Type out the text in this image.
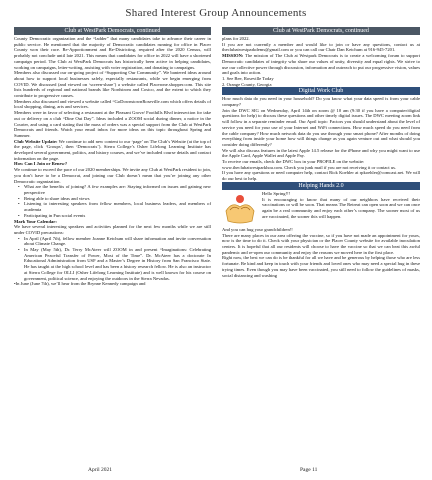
Shared Interest Group Announcements
Club at WestPark Democrats, continued

County Democratic organization and the “ladder” that many candidates take to advance their career in public service. He mentioned that the majority of Democratic candidates running for office in Placer County won their race. Re-Apportionment and Re-Districting, required after the 2020 Census, will probably not conclude until late 2021. This means that candidates for office in 2022 will have a shortened campaign period. The Club at WestPark Democrats has historically been active in helping candidates, working on campaigns, letter-writing, assisting with voter registration, and donating to campaigns.

Members also discussed our on-going project of “Supporting Our Community”. We bantered ideas around about how to support local businesses safely, especially restaurants, while we begin emerging from COVID. We discussed (and viewed on ‘screen-share’) a website called Placerone.shopper.com. This site lists hundreds of regional and national brands like Nordstrom and Costco, and the extent to which they contribute to progressive causes.

Members also discussed and viewed a website called “GoDownstownRoseville.com which offers details of local shopping, dining, arts and services.

Members were in favor of selecting a restaurant at the Pleasant Grove/ Foothills Blvd intersection for take out or delivery on a club “Dine Out Day”. Ideas included a ZOOM social during dinner, a notice in the Courier, and using a card stating that the mass of orders was a special support from the Club at WestPark Democrats and friends. Watch your email inbox for more ideas on this topic throughout Spring and Summer.

Club Website Update: We continue to add new content to our ‘page’ on The Club’s Website (at the top of the page, click ‘Groups’, then ‘Democrats’). Sierra College’s Osher Lifelong Learning Institute has developed several government, politics, and history courses, and we’ve included course details and contact information on the page.

How Can I Join or Renew?

We continue to exceed the pace of our 2020 memberships. We invite any Club at WestPark resident to join, you don’t have to be a Democrat, and joining our Club doesn’t mean that you’re joining any other Democratic organization.

• What are the benefits of joining? A few examples are: Staying informed on issues and gaining new perspective
• Being able to share ideas and views
• Listening to interesting speakers from fellow members, local business leaders, and members of academia
• Participating in Fun social events

Mark Your Calendar:

We have several interesting speakers and activities planned for the next few months while we are still under COVID precautions:

• In April (April 7th), fellow member Joanne Ketchum will share information and invite conversation about Climate Change.
• In May (May 5th), Dr. Terry McAteer will ZOOM in and present “Imaginations: Celebrating American Peaceful Transfer of Power, Most of the Time”. Dr. McAteer has a doctorate In Educational Administration from USF and a Master’s Degree in History from San Francisco State. He has taught at the high school level and has been a history research fellow. He is also an instructor at Sierra College for OLLI (Osher Lifelong Learning Institute) and is well known for his course on government, political science, and enjoying the outdoors in the Sierra Nevadas.

•In June (June 7th), we’ll hear from the Brynne Kennedy campaign and

Club at WestPark Democrats, continued

plans for 2022.

If you are not currently a member and would like to join or have any questions, contact us at theclubatwestparkdems@gmail.com or you can call our Chair Dan Ketchum at 916-945-7201.

MISSION: The mission of The Club at Westpark Democrats is to create a welcoming forum to support Democratic candidates of integrity who share our values of unity, diversity and equal rights. We strive to use our collective power through discussion, information and outreach to put our progressive vision, values and goals into action.

1. See Bee, Roseville Today

2. Orange County, Georgia

Digital Work Club

How much data do you need in your household? Do you know what your data speed is from your cable company?

Join the DWC SIG on Wednesday, April 14th on zoom @ 10 am (9:30 if you have a computer/digital questions for help) to discuss these questions and other timely digital issues. The DWC meeting zoom link will follow in a separate reminder email. Our April topic: Factors you should understand about the level of service you need for your use of your Internet and WiFi connections. How much speed do you need from the cable company? How much network data do you use through your smart phone? After months of doing everything from inside your home how will things change as you again venture out and what should you consider doing differently?

We will also discuss features in the latest Apple 14.5 release for the iPhone and why you might want to use the Apple Card, Apple Wallet and Apple Pay.

To receive our emails, check the DWC box in your PROFILE on the website:

www.theclubatwestparkhoa.com. Check you junk mail if you are not receiving it or contact us.

If you have any questions or need computer help, contact Rick Koehler at rpkoehler@comcast.net. We will do our best to help.

Helping Hands 2.0

Hello Spring!!!

It is encouraging to know that many of our neighbors have received their vaccinations or will be soon. That means The Retreat can open soon and we can once again be a real community and enjoy each other’s company. The sooner most of us are vaccinated, the sooner this will happen.

And you can hug your grandchildren!!

There are many places in our area offering the vaccine, so if you have not made an appointment for yours, now is the time to do it. Check with your physician or the Placer County website for available inoculation centers. It is hopeful that all our residents will choose to have the vaccine so that we can beat this awful pandemic and re-open our community and enjoy the reasons we moved here in the first place.

Right now, the best we can do is be thankful for all we have and be generous by helping those who are less fortunate. Be kind and keep in touch with your friends and loved ones who may need a special hug in these trying times. Even though you may have been vaccinated, you still need to follow the guidelines of masks, social distancing and washing

April 2021	Page 11
